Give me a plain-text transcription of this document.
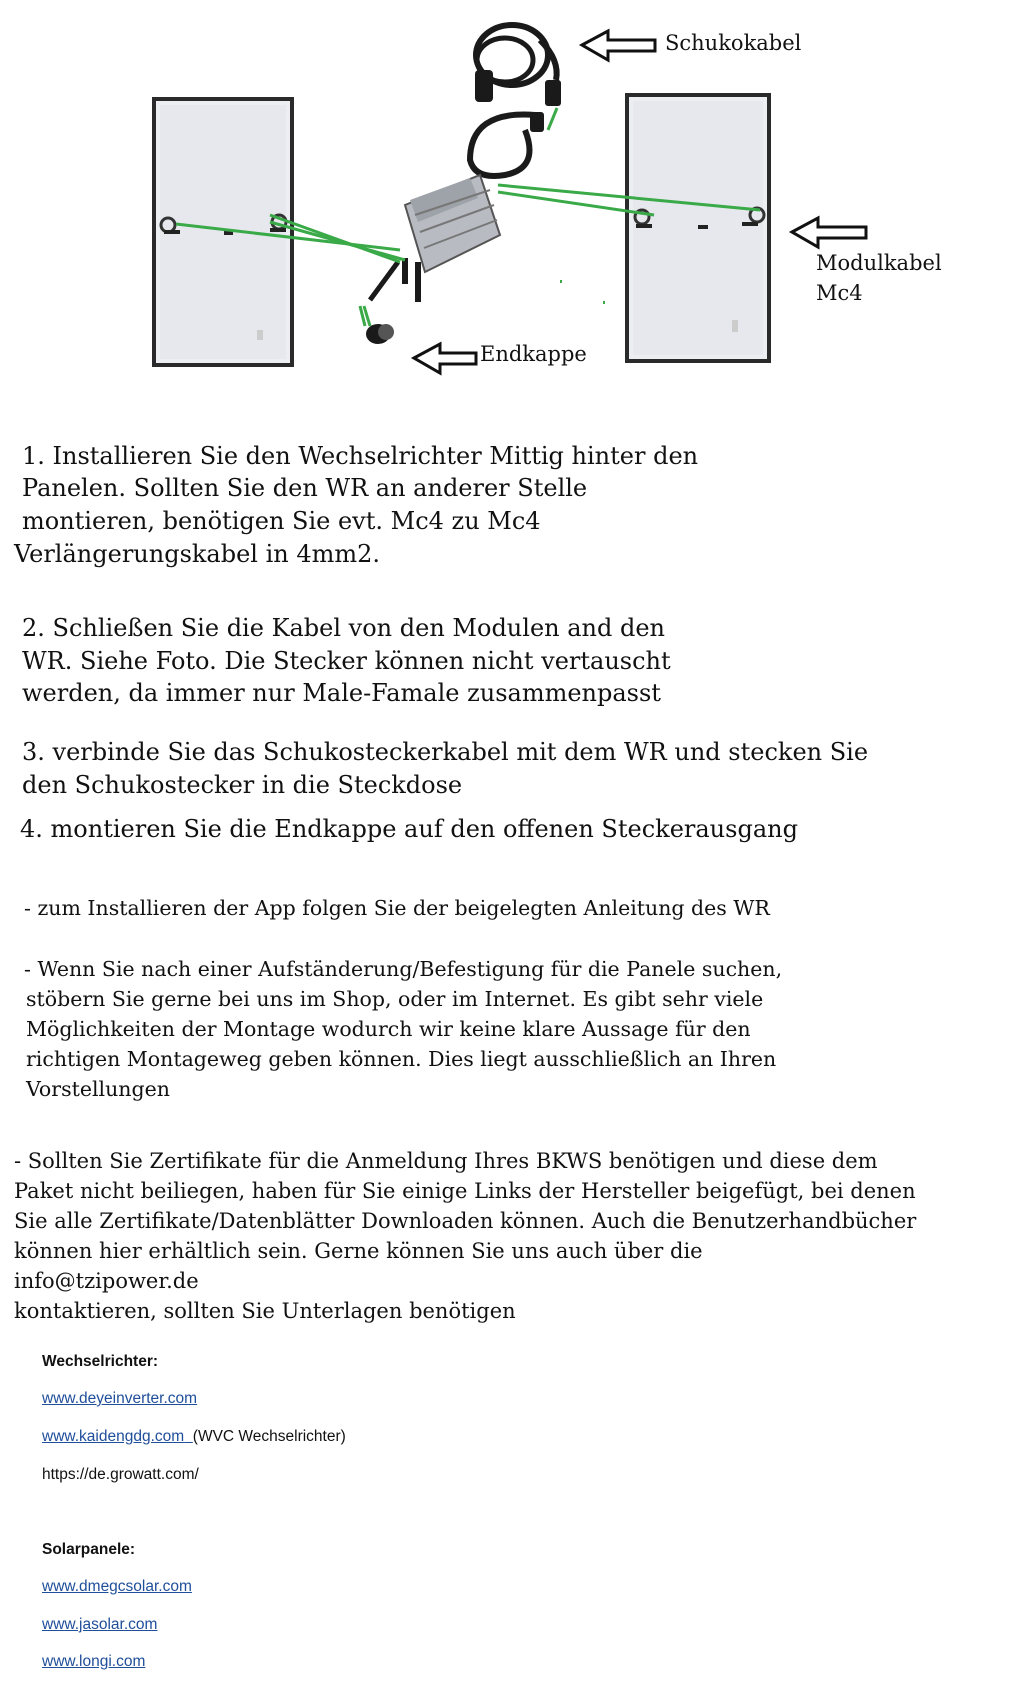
Schukokabel
Modulkabel
Mc4
Endkappe
1. Installieren Sie den Wechselrichter Mittig hinter den
Panelen. Sollten Sie den WR an anderer Stelle
montieren, benötigen Sie evt. Mc4 zu Mc4
Verlängerungskabel in 4mm2.
2. Schließen Sie die Kabel von den Modulen and den
WR. Siehe Foto. Die Stecker können nicht vertauscht
werden, da immer nur Male-Famale zusammenpasst
3. verbinde Sie das Schukosteckerkabel mit dem WR und stecken Sie
den Schukostecker in die Steckdose
4. montieren Sie die Endkappe auf den offenen Steckerausgang
- zum Installieren der App folgen Sie der beigelegten Anleitung des WR
- Wenn Sie nach einer Aufständerung/Befestigung für die Panele suchen,
stöbern Sie gerne bei uns im Shop, oder im Internet. Es gibt sehr viele
Möglichkeiten der Montage wodurch wir keine klare Aussage für den
richtigen Montageweg geben können. Dies liegt ausschließlich an Ihren
Vorstellungen
- Sollten Sie Zertifikate für die Anmeldung Ihres BKWS benötigen und diese dem
Paket nicht beiliegen, haben für Sie einige Links der Hersteller beigefügt, bei denen
Sie alle Zertifikate/Datenblätter Downloaden können. Auch die Benutzerhandbücher
können hier erhältlich sein. Gerne können Sie uns auch über die
info@tzipower.de
kontaktieren, sollten Sie Unterlagen benötigen
Wechselrichter:
www.deyeinverter.com
www.kaidengdg.com (WVC Wechselrichter)
https://de.growatt.com/
Solarpanele:
www.dmegcsolar.com
www.jasolar.com
www.longi.com
